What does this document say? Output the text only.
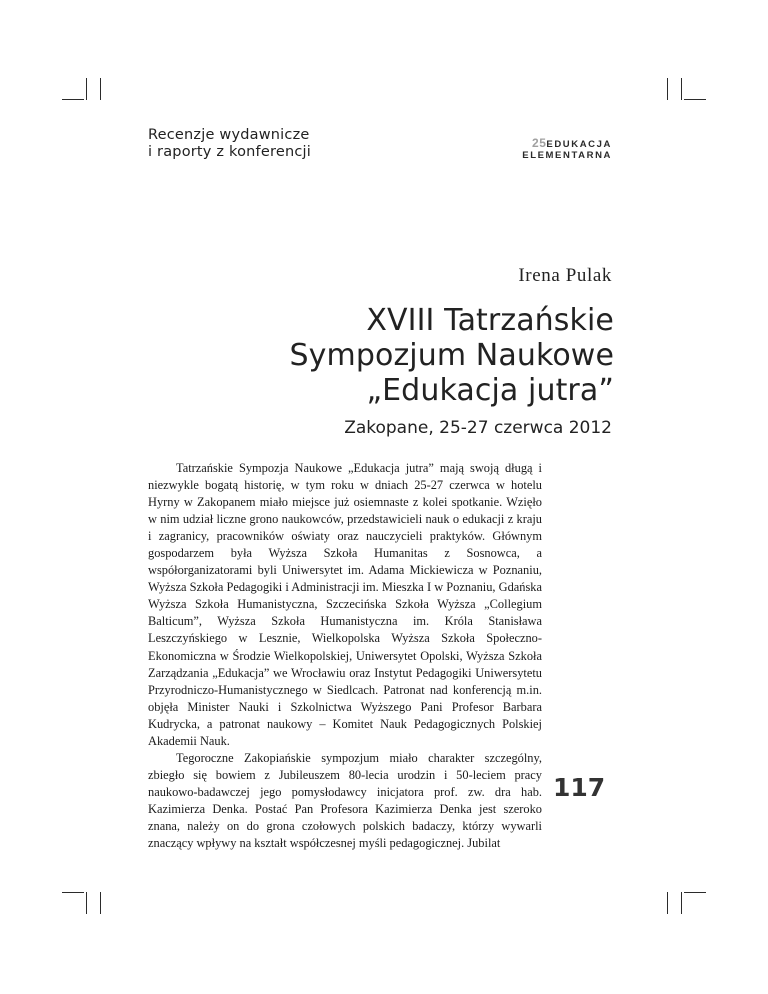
Recenzje wydawnicze
i raporty z konferencji
25EDUKACJA
ELEMENTARNA
Irena Pulak
XVIII Tatrzańskie
Sympozjum Naukowe
„Edukacja jutra”
Zakopane, 25-27 czerwca 2012

Tatrzańskie Sympozja Naukowe „Edukacja jutra” mają swoją długą i niezwykle bogatą historię, w tym roku w dniach 25-27 czerwca w hotelu Hyrny w Zakopanem miało miejsce już osiemnaste z kolei spotkanie. Wzięło w nim udział liczne grono naukowców, przedstawicieli nauk o edukacji z kraju i zagranicy, pracowników oświaty oraz nauczycieli praktyków. Głównym gospodarzem była Wyższa Szkoła Humanitas z Sosnowca, a współorganizatorami byli Uniwersytet im. Adama Mickiewicza w Poznaniu, Wyższa Szkoła Pedagogiki i Administracji im. Mieszka I w Poznaniu, Gdańska Wyższa Szkoła Humanistyczna, Szczecińska Szkoła Wyższa „Collegium Balticum”, Wyższa Szkoła Humanistyczna im. Króla Stanisława Leszczyńskiego w Lesznie, Wielkopolska Wyższa Szkoła Społeczno-Ekonomiczna w Środzie Wielkopolskiej, Uniwersytet Opolski, Wyższa Szkoła Zarządzania „Edukacja” we Wrocławiu oraz Instytut Pedagogiki Uniwersytetu Przyrodniczo-Humanistycznego w Siedlcach. Patronat nad konferencją m.in. objęła Minister Nauki i Szkolnictwa Wyższego Pani Profesor Barbara Kudrycka, a patronat naukowy – Komitet Nauk Pedagogicznych Polskiej Akademii Nauk.

Tegoroczne Zakopiańskie sympozjum miało charakter szczególny, zbiegło się bowiem z Jubileuszem 80-lecia urodzin i 50-leciem pracy naukowo-badawczej jego pomysłodawcy inicjatora prof. zw. dra hab. Kazimierza Denka. Postać Pan Profesora Kazimierza Denka jest szeroko znana, należy on do grona czołowych polskich badaczy, którzy wywarli znaczący wpływy na kształt współczesnej myśli pedagogicznej. Jubilat

117
